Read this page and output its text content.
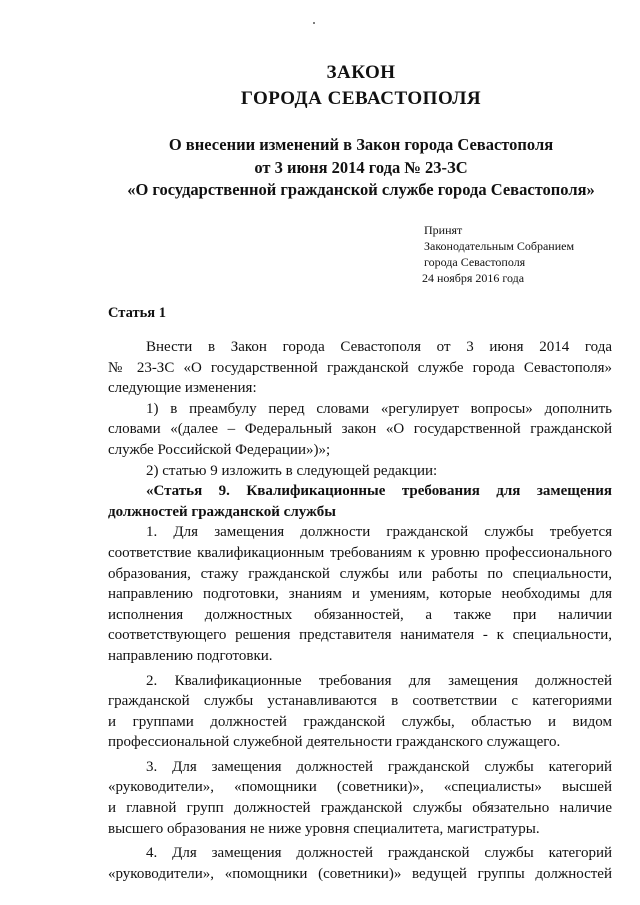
ЗАКОН
ГОРОДА СЕВАСТОПОЛЯ
О внесении изменений в Закон города Севастополя
от 3 июня 2014 года № 23-ЗС
«О государственной гражданской службе города Севастополя»
Принят
Законодательным Собранием
города Севастополя
24 ноября 2016 года
Статья 1
Внести в Закон города Севастополя от 3 июня 2014 года
№ 23-ЗС «О государственной гражданской службе города Севастополя»
следующие изменения:
1) в преамбулу перед словами «регулирует вопросы» дополнить
словами «(далее – Федеральный закон «О государственной гражданской
службе Российской Федерации»)»;
2) статью 9 изложить в следующей редакции:
«Статья 9. Квалификационные требования для замещения
должностей гражданской службы
1. Для замещения должности гражданской службы требуется
соответствие квалификационным требованиям к уровню профессионального
образования, стажу гражданской службы или работы по специальности,
направлению подготовки, знаниям и умениям, которые необходимы для
исполнения должностных обязанностей, а также при наличии
соответствующего решения представителя нанимателя - к специальности,
направлению подготовки.
2. Квалификационные требования для замещения должностей
гражданской службы устанавливаются в соответствии с категориями
и группами должностей гражданской службы, областью и видом
профессиональной служебной деятельности гражданского служащего.
3. Для замещения должностей гражданской службы категорий
«руководители», «помощники (советники)», «специалисты» высшей
и главной групп должностей гражданской службы обязательно наличие
высшего образования не ниже уровня специалитета, магистратуры.
4. Для замещения должностей гражданской службы категорий
«руководители», «помощники (советники)» ведущей группы должностей
